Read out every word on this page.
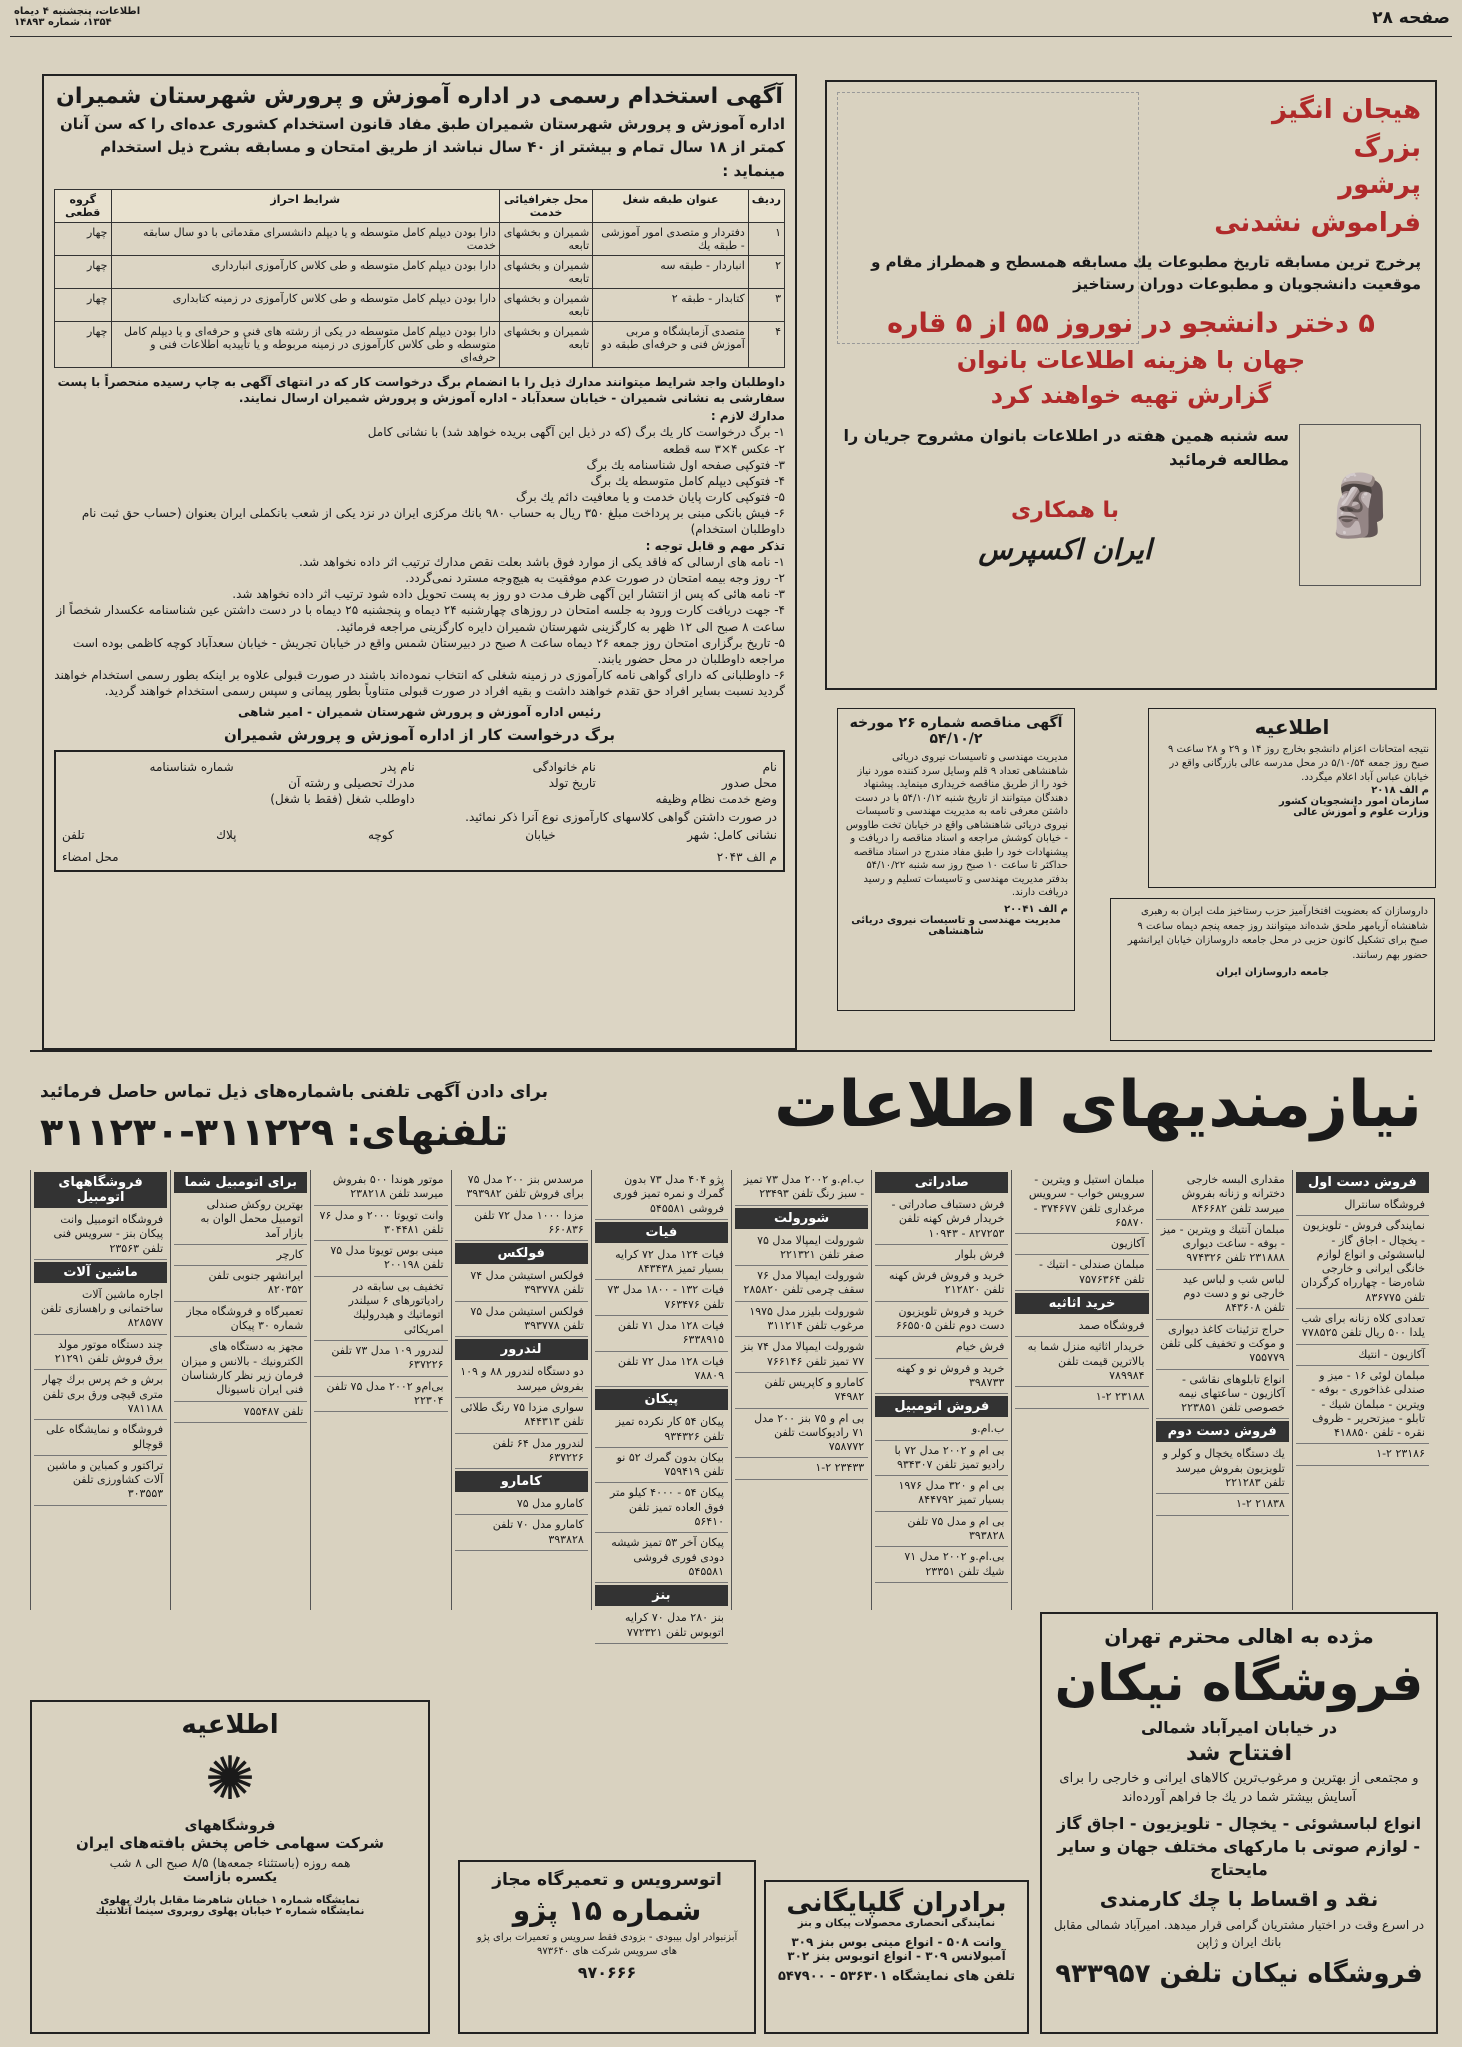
صفحه ۲۸
اطلاعات، پنجشنبه ۴ دیماه
۱۳۵۴، شماره ۱۴۸۹۳
آگهی استخدام رسمی در اداره آموزش و پرورش شهرستان شمیران
اداره آموزش و پرورش شهرستان شمیران طبق مفاد قانون استخدام کشوری عده‌ای را که سن آنان کمتر از ۱۸ سال تمام و بیشتر از ۴۰ سال نباشد از طریق امتحان و مسابقه بشرح ذیل استخدام مینماید :
ردیف	عنوان طبقه شغل	محل جغرافیائی خدمت	شرایط احراز	گروه قطعی
۱	دفتردار و متصدی امور آموزشی - طبقه یك	شمیران و بخشهای تابعه	دارا بودن دیپلم کامل متوسطه و یا دیپلم دانشسرای مقدماتی با دو سال سابقه خدمت	چهار
۲	انباردار - طبقه سه	شمیران و بخشهای تابعه	دارا بودن دیپلم کامل متوسطه و طی کلاس کارآموزی انبارداری	چهار
۳	کتابدار - طبقه ۲	شمیران و بخشهای تابعه	دارا بودن دیپلم کامل متوسطه و طی کلاس کارآموزی در زمینه کتابداری	چهار
۴	متصدی آزمایشگاه و مربی آموزش فنی و حرفه‌ای طبقه دو	شمیران و بخشهای تابعه	دارا بودن دیپلم کامل متوسطه در یکی از رشته های فنی و حرفه‌ای و یا دیپلم کامل متوسطه و طی کلاس کارآموزی در زمینه مربوطه و یا تأییدیه اطلاعات فنی و حرفه‌ای	چهار
داوطلبان واجد شرایط میتوانند مدارك ذیل را با انضمام برگ درخواست کار که در انتهای آگهی به چاپ رسیده منحصراً با پست سفارشی به نشانی شمیران - خیابان سعدآباد - اداره آموزش و پرورش شمیران ارسال نمایند.
مدارك لازم :
۱- برگ درخواست کار یك برگ (که در ذیل این آگهی بریده خواهد شد) با نشانی کامل
۲- عکس ۴×۳ سه قطعه
۳- فتوکپی صفحه اول شناسنامه یك برگ
۴- فتوکپی دیپلم کامل متوسطه یك برگ
۵- فتوکپی کارت پایان خدمت و یا معافیت دائم یك برگ
۶- فیش بانکی مبنی بر پرداخت مبلغ ۳۵۰ ریال به حساب ۹۸۰ بانك مرکزی ایران در نزد یکی از شعب بانکملی ایران بعنوان (حساب حق ثبت نام داوطلبان استخدام)
تذکر مهم و قابل توجه :
۱- نامه های ارسالی که فاقد یکی از موارد فوق باشد بعلت نقص مدارك ترتیب اثر داده نخواهد شد.
۲- روز وجه بیمه امتحان در صورت عدم موفقیت به هیچ‌وجه مسترد نمی‌گردد.
۳- نامه هائی که پس از انتشار این آگهی ظرف مدت دو روز به پست تحویل داده شود ترتیب اثر داده نخواهد شد.
۴- جهت دریافت کارت ورود به جلسه امتحان در روزهای چهارشنبه ۲۴ دیماه و پنجشنبه ۲۵ دیماه با در دست داشتن عین شناسنامه عکسدار شخصاً از ساعت ۸ صبح الی ۱۲ ظهر به کارگزینی شهرستان شمیران دایره کارگزینی مراجعه فرمائید.
۵- تاریخ برگزاری امتحان روز جمعه ۲۶ دیماه ساعت ۸ صبح در دبیرستان شمس واقع در خیابان تجریش - خیابان سعدآباد کوچه کاظمی بوده است مراجعه داوطلبان در محل حضور یابند.
۶- داوطلبانی که دارای گواهی نامه کارآموزی در زمینه شغلی که انتخاب نموده‌اند باشند در صورت قبولی علاوه بر اینکه بطور رسمی استخدام خواهند گردید نسبت بسایر افراد حق تقدم خواهند داشت و بقیه افراد در صورت قبولی متناوباً بطور پیمانی و سپس رسمی استخدام خواهند گردید.
رئیس اداره آموزش و پرورش شهرستان شمیران - امیر شاهی
برگ درخواست کار از اداره آموزش و پرورش شمیران
نام
نام خانوادگی
نام پدر
شماره شناسنامه
محل صدور
تاریخ تولد
مدرك تحصیلی و رشته آن
وضع خدمت نظام وظیفه
داوطلب شغل (فقط با شغل)
در صورت داشتن گواهی کلاسهای کارآموزی نوع آنرا ذکر نمائید.
نشانی کامل: شهر
خیابان
کوچه
پلاك
تلفن
م الف ۲۰۴۳
محل امضاء
هیجان انگیز
بزرگ
پرشور
فراموش نشدنی
پرخرج ترین مسابقه تاریخ مطبوعات یك مسابقه همسطح و همطراز مقام و موقعیت دانشجویان و مطبوعات دوران رستاخیز
۵ دختر دانشجو در نوروز ۵۵ از ۵ قاره
جهان با هزینه اطلاعات بانوان
گزارش تهیه خواهند کرد
🗿
سه شنبه همین هفته در اطلاعات بانوان مشروح جریان را مطالعه فرمائید
با همکاری
ایران اکسپرس
آگهی مناقصه شماره ۲۶ مورخه ۵۴/۱۰/۲
مدیریت مهندسی و تاسیسات نیروی دریائی شاهنشاهی تعداد ۹ قلم وسایل سرد کننده مورد نیاز خود را از طریق مناقصه خریداری مینماید. پیشنهاد دهندگان میتوانند از تاریخ شنبه ۵۴/۱۰/۱۲ با در دست داشتن معرفی نامه به مدیریت مهندسی و تاسیسات نیروی دریائی شاهنشاهی واقع در خیابان تخت طاووس - خیابان کوشش مراجعه و اسناد مناقصه را دریافت و پیشنهادات خود را طبق مفاد مندرج در اسناد مناقصه حداکثر تا ساعت ۱۰ صبح روز سه شنبه ۵۴/۱۰/۲۲ بدفتر مدیریت مهندسی و تاسیسات تسلیم و رسید دریافت دارند.
م الف ۲۰۰۴۱
مدیریت مهندسی و تاسیسات نیروی دریائی شاهنشاهی
اطلاعیه
نتیجه امتحانات اعزام دانشجو بخارج روز ۱۴ و ۲۹ و ۲۸ ساعت ۹ صبح روز جمعه ۵/۱۰/۵۴ در محل مدرسه عالی بازرگانی واقع در خیابان عباس آباد اعلام میگردد.
م الف ۲۰۱۸
سازمان امور دانشجویان کشور
وزارت علوم و آموزش عالی
داروسازان که بعضویت افتخارآمیز حزب رستاخیز ملت ایران به رهبری شاهنشاه آریامهر ملحق شده‌اند میتوانند روز جمعه پنجم دیماه ساعت ۹ صبح برای تشکیل کانون حزبی در محل جامعه داروسازان خیابان ایرانشهر حضور بهم رسانند.
جامعه داروسازان ایران
نیازمندیهای اطلاعات
برای دادن آگهی تلفنی باشماره‌های ذیل تماس حاصل فرمائید
تلفنهای:
۳۱۱۲۳۰-۳۱۱۲۲۹
فروش دست اول
فروشگاه سانترال
نمایندگی فروش - تلویزیون - یخچال - اجاق گاز - لباسشوئی و انواع لوازم خانگی ایرانی و خارجی شاه‌رضا - چهارراه کرگردان تلفن ۸۳۶۷۷۵
تعدادی کلاه زنانه برای شب یلدا ۵۰۰ ریال تلفن ۷۷۸۵۲۵
آکازیون - انتیك
مبلمان لوئی ۱۶ - میز و صندلی غذاخوری - بوفه - ویترین - مبلمان شیك - تابلو - میزتحریر - ظروف نقره - تلفن ۴۱۸۸۵۰
۲۳۱۸۶ ۱-۲
مقداری البسه خارجی دخترانه و زنانه بفروش میرسد تلفن ۸۴۶۶۸۲
مبلمان آنتیك و ویترین - میز - بوفه - ساعت دیواری ۲۳۱۸۸۸ تلفن ۹۷۴۳۲۶
لباس شب و لباس عید خارجی نو و دست دوم تلفن ۸۴۳۶۰۸
حراج تزئینات کاغذ دیواری و موکت و تخفیف کلی تلفن ۷۵۵۷۷۹
انواع تابلوهای نقاشی - آکازیون - ساعتهای نیمه خصوصی تلفن ۲۲۳۸۵۱
فروش دست دوم
یك دستگاه یخچال و کولر و تلویزیون بفروش میرسد تلفن ۲۲۱۲۸۳
۲۱۸۳۸ ۱-۲
مبلمان استیل و ویترین - سرویس خواب - سرویس مرغداری تلفن ۳۷۴۶۷۷ - ۶۵۸۷۰
آکازیون
مبلمان صندلی - انتیك - تلفن ۷۵۷۶۳۶۴
خرید اثاثیه
فروشگاه صمد
خریدار اثاثیه منزل شما به بالاترین قیمت تلفن ۷۸۹۹۸۴
۲۳۱۸۸ ۱-۲
صادراتی
فرش دستباف صادراتی - خریدار فرش کهنه تلفن ۸۲۷۲۵۳ - ۱۰۹۴۳
فرش بلوار
خرید و فروش فرش کهنه تلفن ۲۱۲۸۲۰
خرید و فروش تلویزیون دست دوم تلفن ۶۶۵۵۰۵
فرش خیام
خرید و فروش نو و کهنه ۳۹۸۷۳۳
فروش اتومبیل
ب.ام.و
بی ام و ۲۰۰۲ مدل ۷۲ با رادیو تمیز تلفن ۹۳۴۳۰۷
بی ام و ۳۲۰ مدل ۱۹۷۶ بسیار تمیز ۸۴۴۷۹۲
بی ام و مدل ۷۵ تلفن ۳۹۳۸۲۸
بی.ام.و ۲۰۰۲ مدل ۷۱ شیك تلفن ۲۳۳۵۱
ب.ام.و ۲۰۰۲ مدل ۷۳ تمیز - سبز رنگ تلفن ۲۳۴۹۳
شورولت
شورولت ایمپالا مدل ۷۵ صفر تلفن ۲۲۱۳۲۱
شورولت ایمپالا مدل ۷۶ سقف چرمی تلفن ۲۸۵۸۲۰
شورولت بلیزر مدل ۱۹۷۵ مرغوب تلفن ۳۱۱۲۱۴
شورولت ایمپالا مدل ۷۴ بنز ۷۷ تمیز تلفن ۷۶۶۱۴۶
کامارو و کاپریس تلفن ۷۴۹۸۲
بی ام و ۷۵ بنز ۲۰۰ مدل ۷۱ رادیوکاست تلفن ۷۵۸۷۷۲
۲۳۴۳۳ ۱-۲
پژو ۴۰۴ مدل ۷۳ بدون گمرك و نمره تمیز فوری فروشی ۵۴۵۵۸۱
فیات
فیات ۱۲۴ مدل ۷۲ کرایه بسیار تمیز ۸۴۳۴۳۸
فیات ۱۳۲ - ۱۸۰۰ مدل ۷۳ تلفن ۷۶۳۴۷۶
فیات ۱۲۸ مدل ۷۱ تلفن ۶۳۳۸۹۱۵
فیات ۱۲۸ مدل ۷۲ تلفن ۷۸۸۰۹
پیکان
پیکان ۵۴ کار نکرده تمیز تلفن ۹۳۴۳۲۶
بیکان بدون گمرك ۵۲ نو تلفن ۷۵۹۴۱۹
پیکان ۵۴ - ۴۰۰۰ کیلو متر فوق العاده تمیز تلفن ۵۶۴۱۰
پیکان آخر ۵۳ تمیز شیشه دودی فوری فروشی ۵۴۵۵۸۱
بنز
بنز ۲۸۰ مدل ۷۰ کرایه اتوبوس تلفن ۷۷۲۳۲۱
مرسدس بنز ۲۰۰ مدل ۷۵ برای فروش تلفن ۳۹۳۹۸۲
مزدا ۱۰۰۰ مدل ۷۲ تلفن ۶۶۰۸۳۶
فولکس
فولکس استیشن مدل ۷۴ تلفن ۳۹۳۷۷۸
فولکس استیشن مدل ۷۵ تلفن ۳۹۳۷۷۸
لندرور
دو دستگاه لندرور ۸۸ و ۱۰۹ بفروش میرسد
سواری مزدا ۷۵ رنگ طلائی تلفن ۸۴۴۳۱۳
لندرور مدل ۶۴ تلفن ۶۳۷۲۲۶
کامارو
کامارو مدل ۷۵
کامارو مدل ۷۰ تلفن ۳۹۳۸۲۸
موتور هوندا ۵۰۰ بفروش میرسد تلفن ۲۳۸۲۱۸
وانت تویوتا ۲۰۰۰ و مدل ۷۶ تلفن ۳۰۴۴۸۱
مینی بوس تویوتا مدل ۷۵ تلفن ۲۰۰۱۹۸
تخفیف بی سابقه در رادیاتورهای ۶ سیلندر اتوماتیك و هیدرولیك امریکائی
لندرور ۱۰۹ مدل ۷۳ تلفن ۶۳۷۲۲۶
بی‌ام‌و ۲۰۰۲ مدل ۷۵ تلفن ۲۲۳۰۴
برای اتومبیل شما
بهترین روکش صندلی اتومبیل محمل الوان به بازار آمد
کارچر
ایرانشهر جنوبی تلفن ۸۲۰۳۵۲
تعمیرگاه و فروشگاه مجاز شماره ۳۰ پیکان
مجهز به دستگاه های الکترونیك - بالانس و میزان فرمان زیر نظر کارشناسان فنی ایران ناسیونال
تلفن ۷۵۵۴۸۷
فروشگاههای اتومبیل
فروشگاه اتومبیل وانت پیکان بنز - سرویس فنی تلفن ۲۳۵۶۳
ماشین آلات
اجاره ماشین آلات ساختمانی و راهسازی تلفن ۸۲۸۵۷۷
چند دستگاه موتور مولد برق فروش تلفن ۲۱۲۹۱
برش و خم پرس برك چهار متری قیچی ورق بری تلفن ۷۸۱۱۸۸
فروشگاه و نمایشگاه علی قوچالو
تراکتور و کمباین و ماشین آلات کشاورزی تلفن ۳۰۳۵۵۳
مژده به اهالی محترم تهران
فروشگاه نیکان
در خیابان امیرآباد شمالی
افتتاح شد
و مجتمعی از بهترین و مرغوب‌ترین کالاهای ایرانی و خارجی را برای آسایش بیشتر شما در یك جا فراهم آورده‌اند
انواع لباسشوئی - یخچال - تلویزیون - اجاق گاز - لوازم صوتی با مارکهای مختلف جهان و سایر مایحتاج
نقد و اقساط با چك کارمندی
در اسرع وقت در اختیار مشتریان گرامی قرار میدهد. امیرآباد شمالی مقابل بانك ایران و ژاپن
فروشگاه نیکان تلفن ۹۳۳۹۵۷
برادران گلپایگانی
نمایندگی انحصاری محصولات پیکان و بنز
وانت ۵۰۸ - انواع مینی بوس بنز ۳۰۹
آمبولانس ۳۰۹ - انواع اتوبوس بنز ۳۰۲
تلفن های نمایشگاه ۵۳۶۳۰۱ - ۵۴۷۹۰۰
اتوسرویس و تعمیرگاه مجاز
شماره ۱۵ پژو
آبزنبوادر اول بیبودی - بزودی فقط سرویس و تعمیرات برای پژو های سرویس شرکت های ۹۷۳۶۴۰
۹۷۰۶۶۶
اطلاعیه
✺
فروشگاههای
شرکت سهامی خاص پخش بافته‌های ایران
همه روزه (باستثناء جمعه‌ها) ۸/۵ صبح الی ۸ شب
یکسره بازاست
نمایشگاه شماره ۱ خیابان شاهرضا مقابل پارك پهلوی
نمایشگاه شماره ۲ خیابان پهلوی روبروی سینما آتلانتیك
